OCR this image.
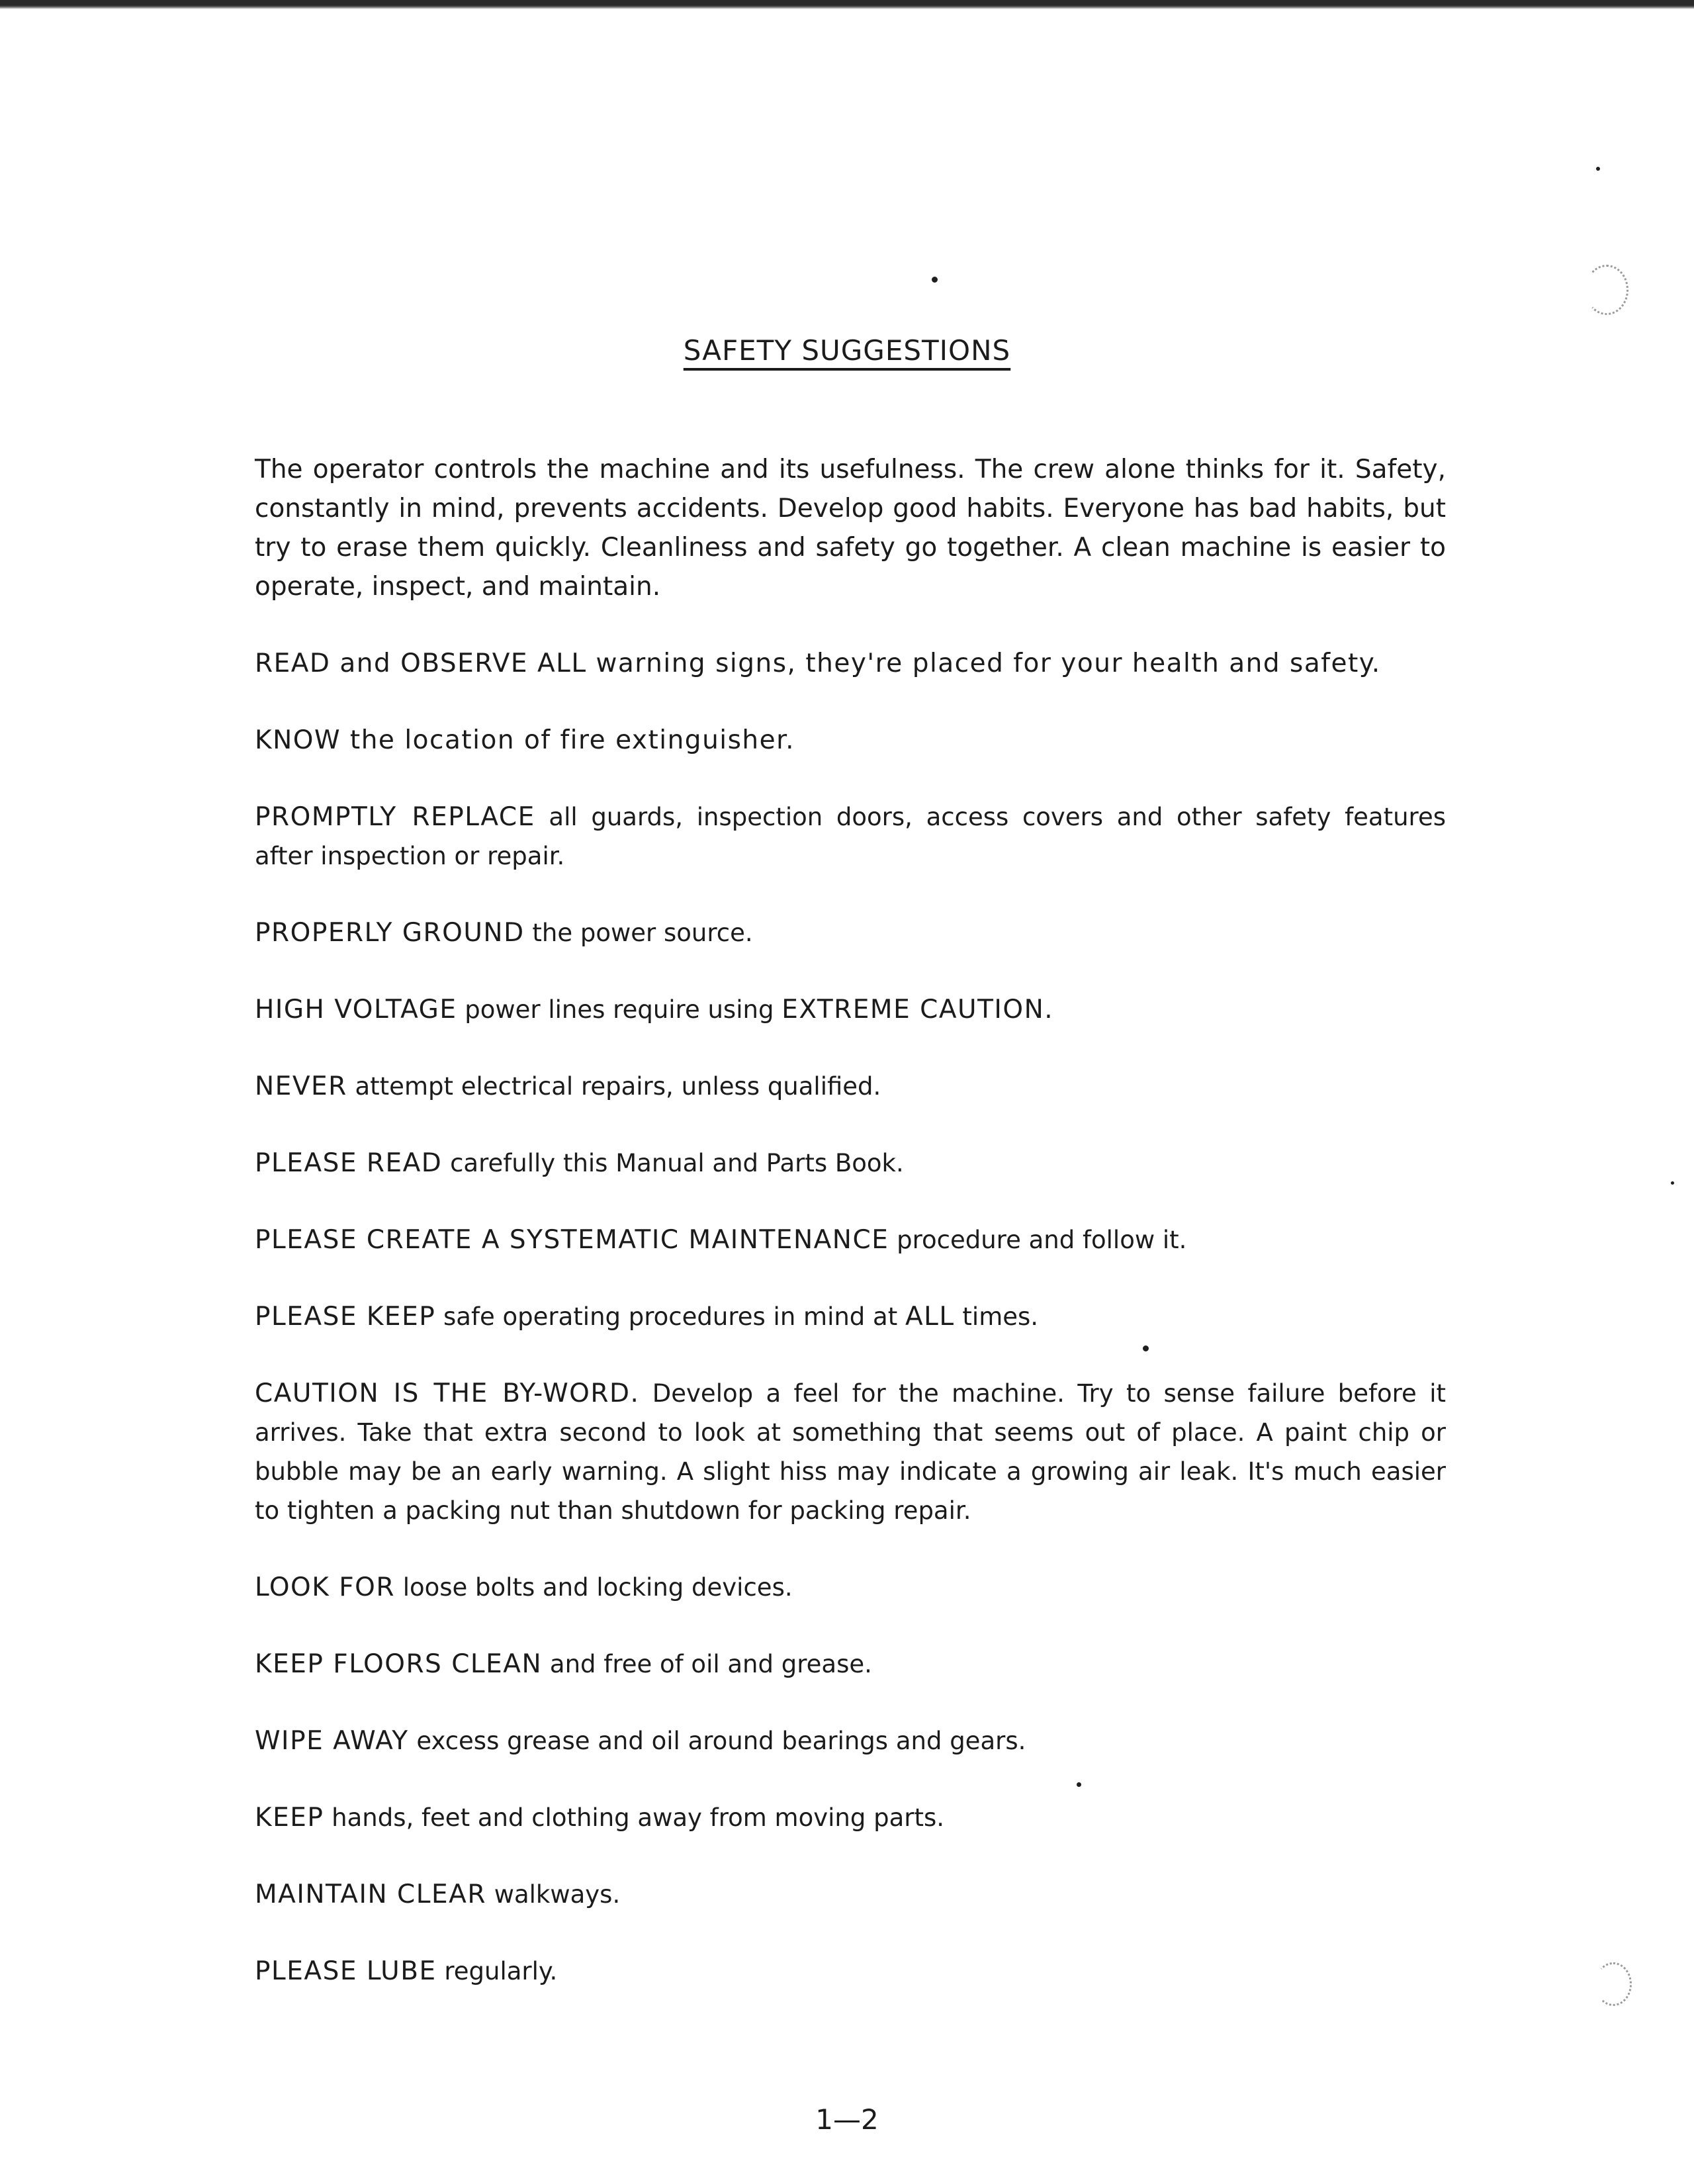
SAFETY SUGGESTIONS

The operator controls the machine and its usefulness. The crew alone thinks for it. Safety, constantly in mind, prevents accidents. Develop good habits. Everyone has bad habits, but try to erase them quickly. Cleanliness and safety go together. A clean machine is easier to operate, inspect, and maintain.

READ and OBSERVE ALL warning signs, they're placed for your health and safety.

KNOW the location of fire extinguisher.

PROMPTLY REPLACE all guards, inspection doors, access covers and other safety features after inspection or repair.

PROPERLY GROUND the power source.

HIGH VOLTAGE power lines require using EXTREME CAUTION.

NEVER attempt electrical repairs, unless qualified.

PLEASE READ carefully this Manual and Parts Book.

PLEASE CREATE A SYSTEMATIC MAINTENANCE procedure and follow it.

PLEASE KEEP safe operating procedures in mind at ALL times.

CAUTION IS THE BY-WORD. Develop a feel for the machine. Try to sense failure before it arrives. Take that extra second to look at something that seems out of place. A paint chip or bubble may be an early warning. A slight hiss may indicate a growing air leak. It's much easier to tighten a packing nut than shutdown for packing repair.

LOOK FOR loose bolts and locking devices.

KEEP FLOORS CLEAN and free of oil and grease.

WIPE AWAY excess grease and oil around bearings and gears.

KEEP hands, feet and clothing away from moving parts.

MAINTAIN CLEAR walkways.

PLEASE LUBE regularly.

1—2
